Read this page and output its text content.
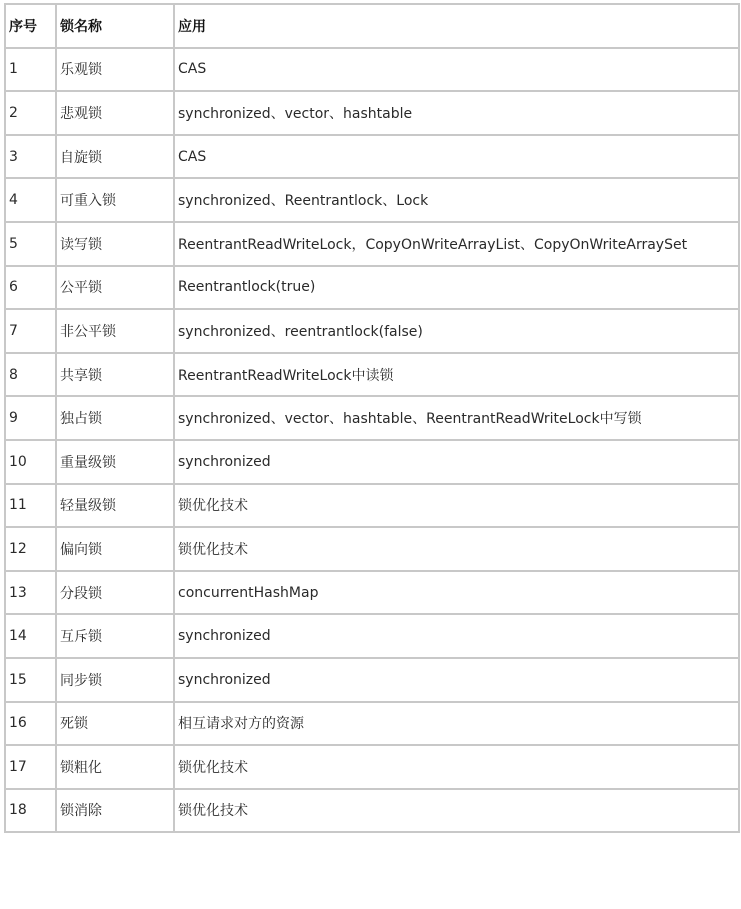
序号	锁名称	应用
1	乐观锁	CAS
2	悲观锁	synchronized、vector、hashtable
3	自旋锁	CAS
4	可重入锁	synchronized、Reentrantlock、Lock
5	读写锁	ReentrantReadWriteLock，CopyOnWriteArrayList、CopyOnWriteArraySet
6	公平锁	Reentrantlock(true)
7	非公平锁	synchronized、reentrantlock(false)
8	共享锁	ReentrantReadWriteLock中读锁
9	独占锁	synchronized、vector、hashtable、ReentrantReadWriteLock中写锁
10	重量级锁	synchronized
11	轻量级锁	锁优化技术
12	偏向锁	锁优化技术
13	分段锁	concurrentHashMap
14	互斥锁	synchronized
15	同步锁	synchronized
16	死锁	相互请求对方的资源
17	锁粗化	锁优化技术
18	锁消除	锁优化技术
